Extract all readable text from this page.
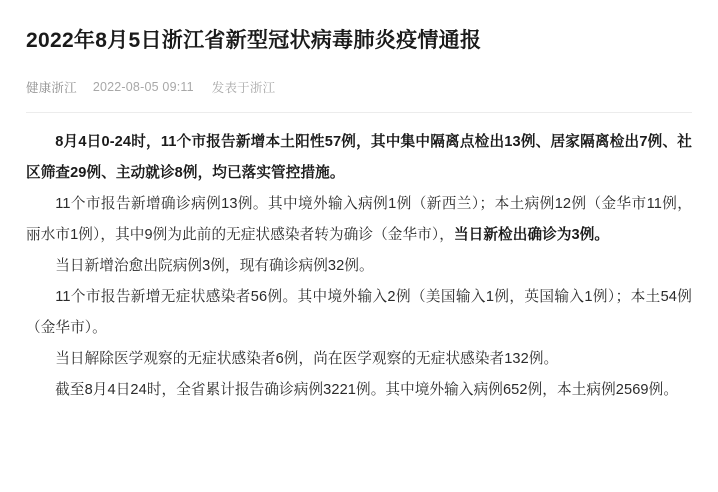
2022年8月5日浙江省新型冠状病毒肺炎疫情通报
健康浙江 2022-08-05 09:11 发表于浙江

8月4日0-24时，11个市报告新增本土阳性57例，其中集中隔离点检出13例、居家隔离检出7例、社区筛查29例、主动就诊8例，均已落实管控措施。

11个市报告新增确诊病例13例。其中境外输入病例1例（新西兰）；本土病例12例（金华市11例，丽水市1例），其中9例为此前的无症状感染者转为确诊（金华市），当日新检出确诊为3例。

当日新增治愈出院病例3例，现有确诊病例32例。

11个市报告新增无症状感染者56例。其中境外输入2例（美国输入1例，英国输入1例）；本土54例（金华市）。

当日解除医学观察的无症状感染者6例，尚在医学观察的无症状感染者132例。

截至8月4日24时，全省累计报告确诊病例3221例。其中境外输入病例652例，本土病例2569例。
